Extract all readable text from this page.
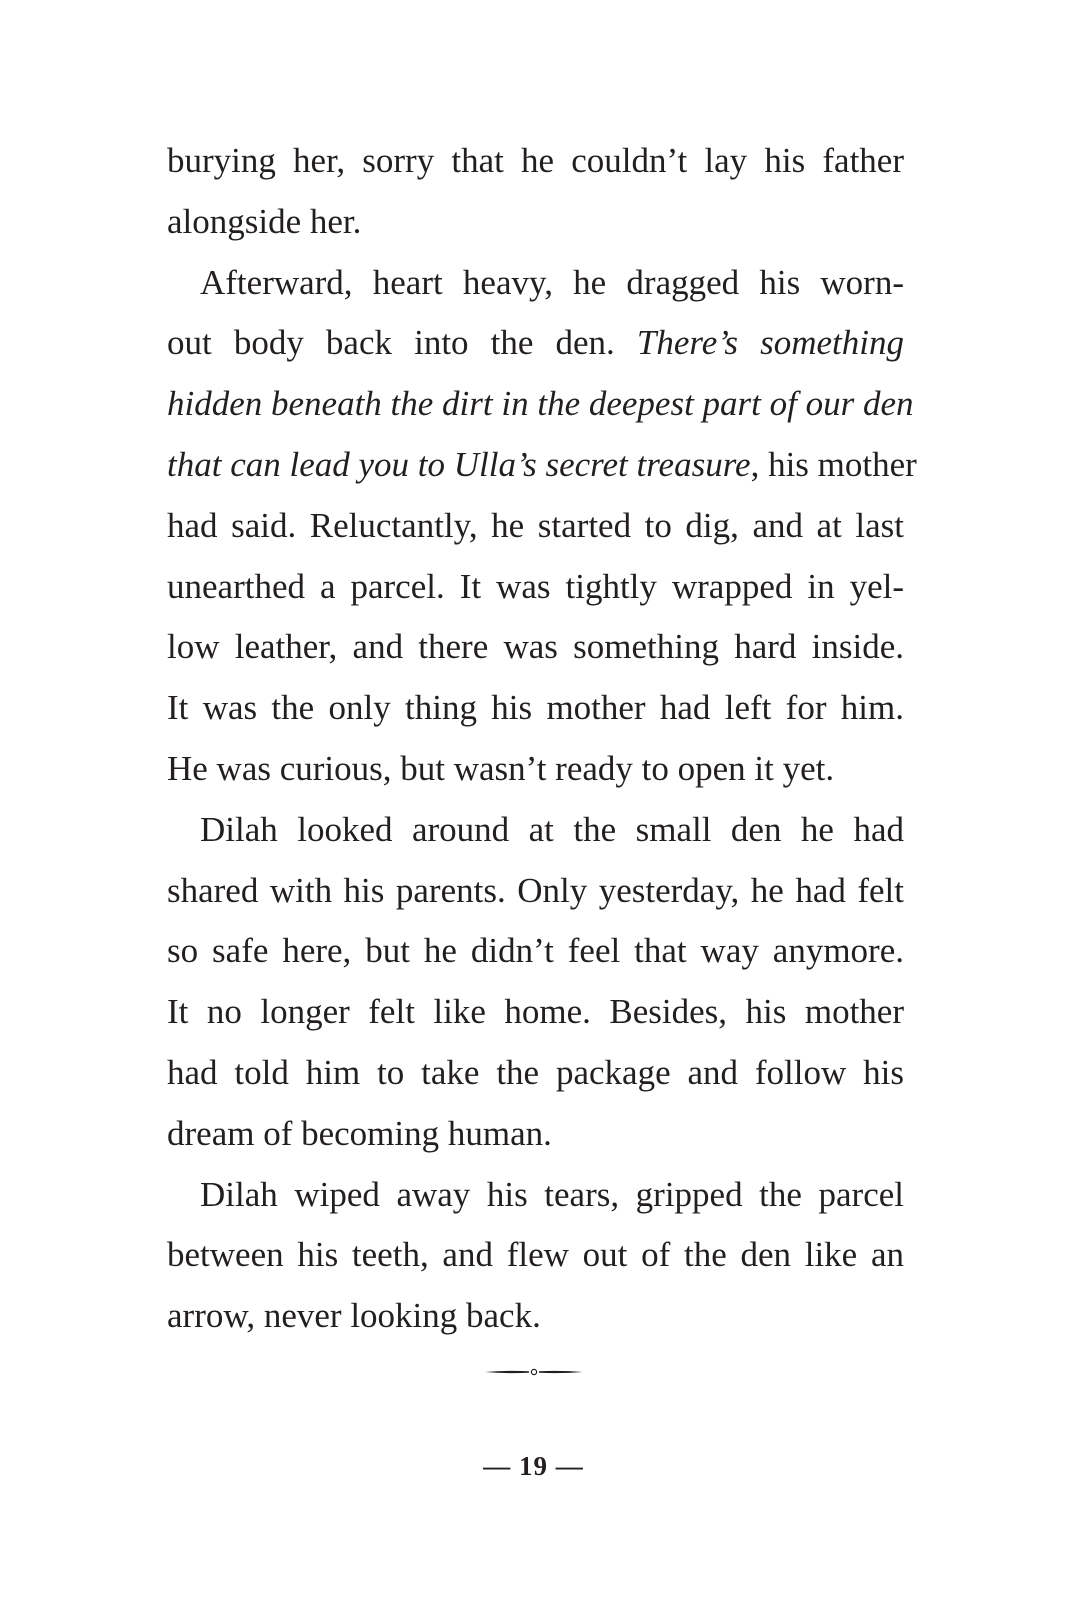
burying her, sorry that he couldn’t lay his father
alongside her.
Afterward, heart heavy, he dragged his worn-
out body back into the den. There’s something
hidden beneath the dirt in the deepest part of our den
that can lead you to Ulla’s secret treasure, his mother
had said. Reluctantly, he started to dig, and at last
unearthed a parcel. It was tightly wrapped in yel-
low leather, and there was something hard inside.
It was the only thing his mother had left for him.
He was curious, but wasn’t ready to open it yet.
Dilah looked around at the small den he had
shared with his parents. Only yesterday, he had felt
so safe here, but he didn’t feel that way anymore.
It no longer felt like home. Besides, his mother
had told him to take the package and follow his
dream of becoming human.
Dilah wiped away his tears, gripped the parcel
between his teeth, and flew out of the den like an
arrow, never looking back.
— 19 —
